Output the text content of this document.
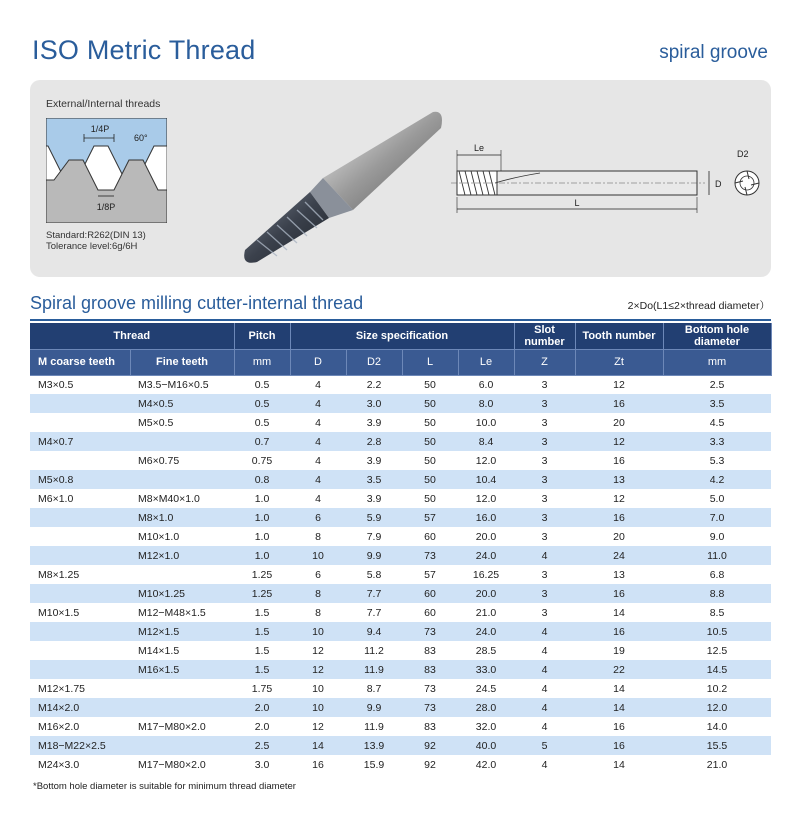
ISO Metric Thread	spiral groove
External/Internal threads
1/4P
60°
1/8P
Standard:R262(DIN 13)
Tolerance level:6g/6H
Le
L
D
D2
Spiral groove milling cutter-internal thread	2×Do(L1≤2×thread diameter）
Thread		Pitch	Size specification				Slot number	Tooth number	Bottom hole diameter
M coarse teeth	Fine teeth	mm	D	D2	L	Le	Z	Zt	mm
M3×0.5	M3.5−M16×0.5	0.5	4	2.2	50	6.0	3	12	2.5
	M4×0.5	0.5	4	3.0	50	8.0	3	16	3.5
	M5×0.5	0.5	4	3.9	50	10.0	3	20	4.5
M4×0.7		0.7	4	2.8	50	8.4	3	12	3.3
	M6×0.75	0.75	4	3.9	50	12.0	3	16	5.3
M5×0.8		0.8	4	3.5	50	10.4	3	13	4.2
M6×1.0	M8×M40×1.0	1.0	4	3.9	50	12.0	3	12	5.0
	M8×1.0	1.0	6	5.9	57	16.0	3	16	7.0
	M10×1.0	1.0	8	7.9	60	20.0	3	20	9.0
	M12×1.0	1.0	10	9.9	73	24.0	4	24	11.0
M8×1.25		1.25	6	5.8	57	16.25	3	13	6.8
	M10×1.25	1.25	8	7.7	60	20.0	3	16	8.8
M10×1.5	M12−M48×1.5	1.5	8	7.7	60	21.0	3	14	8.5
	M12×1.5	1.5	10	9.4	73	24.0	4	16	10.5
	M14×1.5	1.5	12	11.2	83	28.5	4	19	12.5
	M16×1.5	1.5	12	11.9	83	33.0	4	22	14.5
M12×1.75		1.75	10	8.7	73	24.5	4	14	10.2
M14×2.0		2.0	10	9.9	73	28.0	4	14	12.0
M16×2.0	M17−M80×2.0	2.0	12	11.9	83	32.0	4	16	14.0
M18−M22×2.5		2.5	14	13.9	92	40.0	5	16	15.5
M24×3.0	M17−M80×2.0	3.0	16	15.9	92	42.0	4	14	21.0
*Bottom hole diameter is suitable for minimum thread diameter
